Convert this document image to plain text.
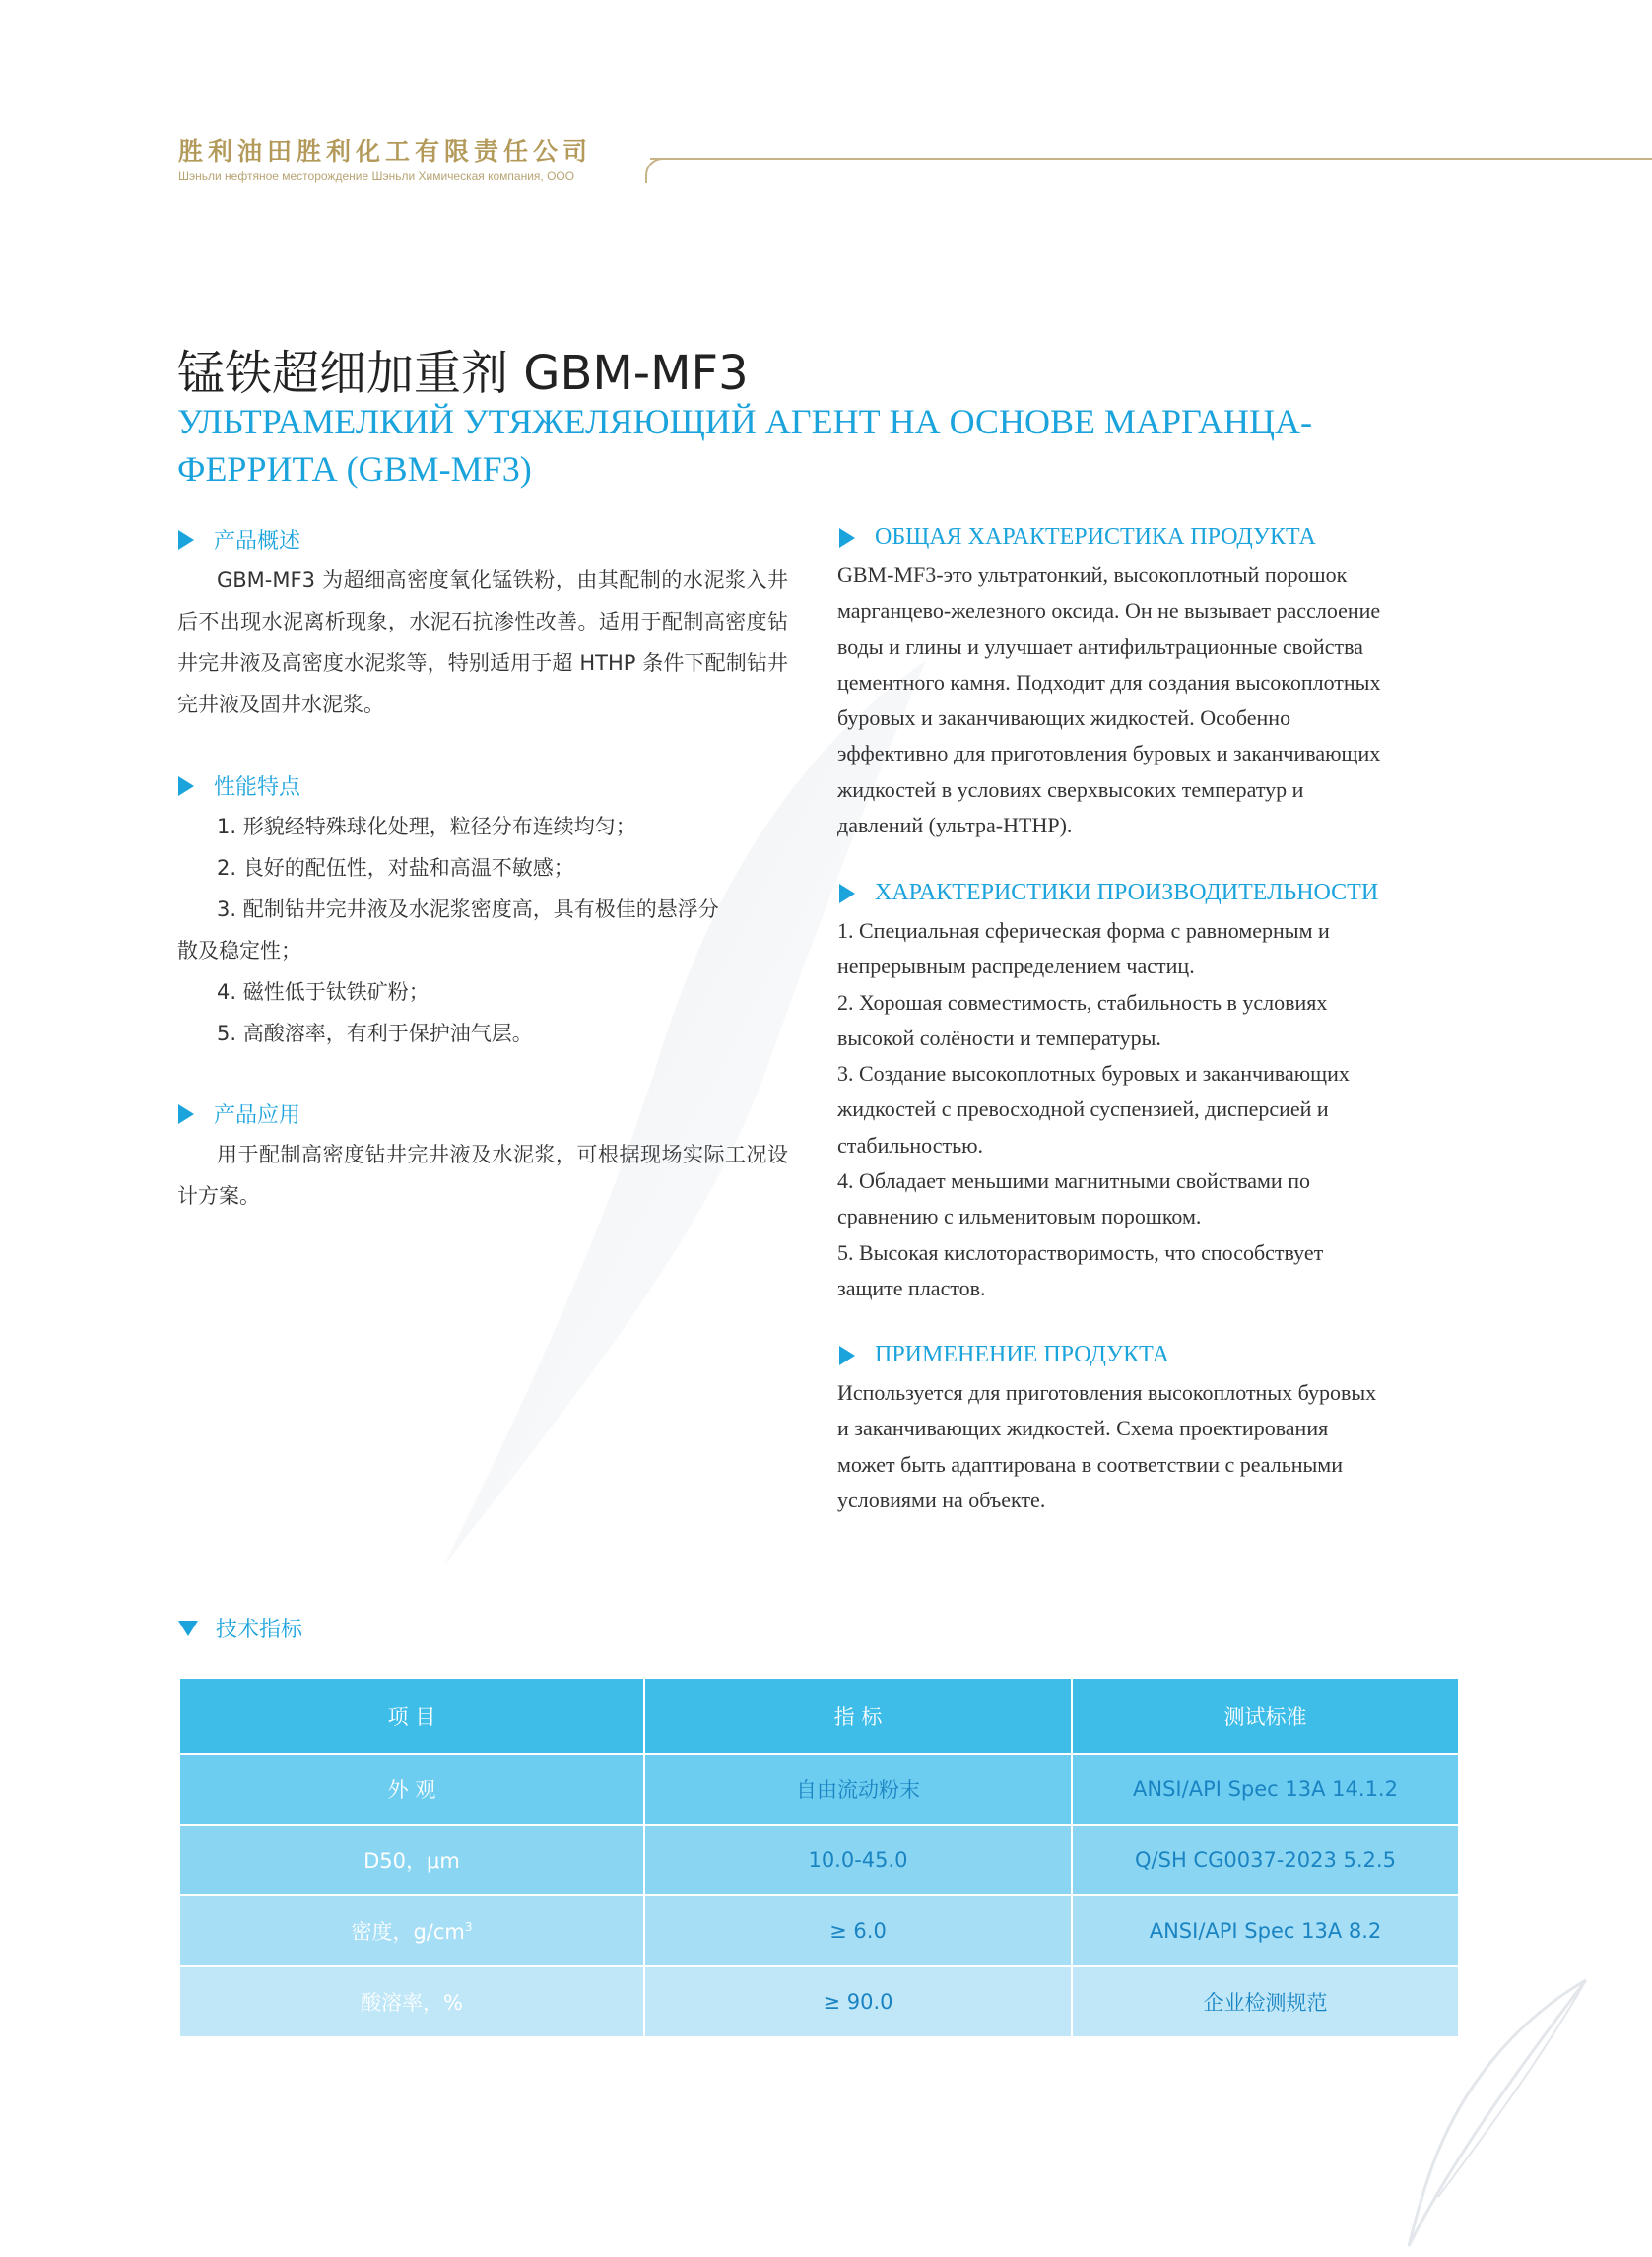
胜利油田胜利化工有限责任公司
Шэньли нефтяное месторождение Шэньли Химическая компания, ООО
锰铁超细加重剂 GBM-MF3
УЛЬТРАМЕЛКИЙ УТЯЖЕЛЯЮЩИЙ АГЕНТ НА ОСНОВЕ МАРГАНЦА-ФЕРРИТА (GBM-MF3)
产品概述
GBM-MF3 为超细高密度氧化锰铁粉，由其配制的水泥浆入井后不出现水泥离析现象，水泥石抗渗性改善。适用于配制高密度钻井完井液及高密度水泥浆等，特别适用于超 HTHP 条件下配制钻井完井液及固井水泥浆。
性能特点
1. 形貌经特殊球化处理，粒径分布连续均匀；
2. 良好的配伍性，对盐和高温不敏感；
3. 配制钻井完井液及水泥浆密度高，具有极佳的悬浮分
散及稳定性；
4. 磁性低于钛铁矿粉；
5. 高酸溶率，有利于保护油气层。
产品应用
用于配制高密度钻井完井液及水泥浆，可根据现场实际工况设计方案。
ОБЩАЯ ХАРАКТЕРИСТИКА ПРОДУКТА
GBM-MF3-это ультратонкий, высокоплотный порошок
марганцево-железного оксида. Он не вызывает расслоение
воды и глины и улучшает антифильтрационные свойства
цементного камня. Подходит для создания высокоплотных
буровых и заканчивающих жидкостей. Особенно
эффективно для приготовления буровых и заканчивающих
жидкостей в условиях сверхвысоких температур и
давлений (ультра-HTHP).
ХАРАКТЕРИСТИКИ ПРОИЗВОДИТЕЛЬНОСТИ
1. Специальная сферическая форма с равномерным и
непрерывным распределением частиц.
2. Хорошая совместимость, стабильность в условиях
высокой солёности и температуры.
3. Создание высокоплотных буровых и заканчивающих
жидкостей с превосходной суспензией, дисперсией и
стабильностью.
4. Обладает меньшими магнитными свойствами по
сравнению с ильменитовым порошком.
5. Высокая кислоторастворимость, что способствует
защите пластов.
ПРИМЕНЕНИЕ ПРОДУКТА
Используется для приготовления высокоплотных буровых
и заканчивающих жидкостей. Схема проектирования
может быть адаптирована в соответствии с реальными
условиями на объекте.
技术指标
项 目	指 标	测试标准
外 观	自由流动粉末	ANSI/API Spec 13A 14.1.2
D50，μm	10.0-45.0	Q/SH CG0037-2023 5.2.5
密度，$g/cm^3$	≥ 6.0	ANSI/API Spec 13A 8.2
酸溶率，%	≥ 90.0	企业检测规范
